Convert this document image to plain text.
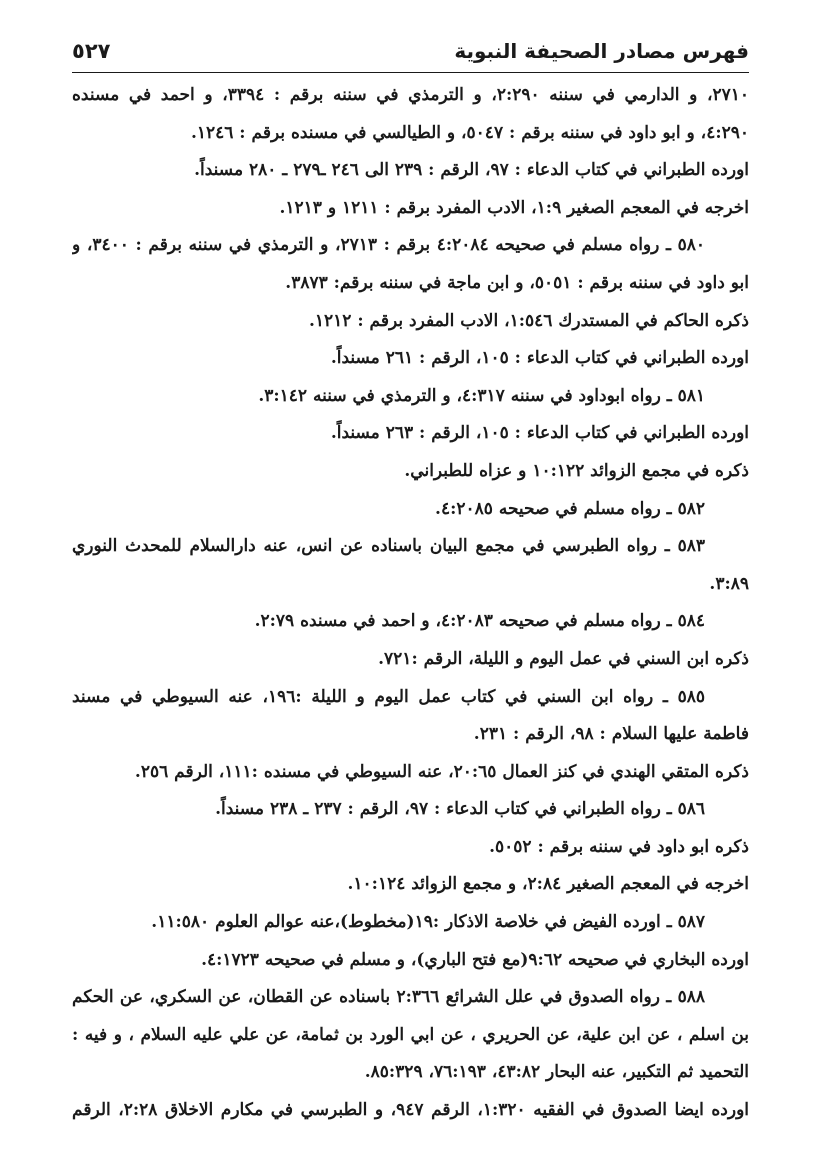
فهرس مصادر الصحيفة النبوية
٥٢٧
٢٧١٠، و الدارمي في سننه ٢:٢٩٠، و الترمذي في سننه برقم : ٣٣٩٤، و احمد في مسنده
٤:٢٩٠، و ابو داود في سننه برقم : ٥٠٤٧، و الطيالسي في مسنده برقم : ١٢٤٦.
اورده الطبراني في كتاب الدعاء : ٩٧، الرقم : ٢٣٩ الى ٢٤٦ ـ٢٧٩ ـ ٢٨٠ مسنداً.
اخرجه في المعجم الصغير ١:٩، الادب المفرد برقم : ١٢١١ و ١٢١٣.
٥٨٠ ـ رواه مسلم في صحيحه ٤:٢٠٨٤ برقم : ٢٧١٣، و الترمذي في سننه برقم : ٣٤٠٠، و
ابو داود في سننه برقم : ٥٠٥١، و ابن ماجة في سننه برقم: ٣٨٧٣.
ذكره الحاكم في المستدرك ١:٥٤٦، الادب المفرد برقم : ١٢١٢.
اورده الطبراني في كتاب الدعاء : ١٠٥، الرقم : ٢٦١ مسنداً.
٥٨١ ـ رواه ابوداود في سننه ٤:٣١٧، و الترمذي في سننه ٣:١٤٢.
اورده الطبراني في كتاب الدعاء : ١٠٥، الرقم : ٢٦٣ مسنداً.
ذكره في مجمع الزوائد ١٠:١٢٢ و عزاه للطبراني.
٥٨٢ ـ رواه مسلم في صحيحه ٤:٢٠٨٥.
٥٨٣ ـ رواه الطبرسي في مجمع البيان باسناده عن انس، عنه دارالسلام للمحدث النوري
٣:٨٩.
٥٨٤ ـ رواه مسلم في صحيحه ٤:٢٠٨٣، و احمد في مسنده ٢:٧٩.
ذكره ابن السني في عمل اليوم و الليلة، الرقم :٧٢١.
٥٨٥ ـ رواه ابن السني في كتاب عمل اليوم و الليلة :١٩٦، عنه السيوطي في مسند
فاطمة عليها السلام : ٩٨، الرقم : ٢٣١.
ذكره المتقي الهندي في كنز العمال ٢٠:٦٥، عنه السيوطي في مسنده :١١١، الرقم ٢٥٦.
٥٨٦ ـ رواه الطبراني في كتاب الدعاء : ٩٧، الرقم : ٢٣٧ ـ ٢٣٨ مسنداً.
ذكره ابو داود في سننه برقم : ٥٠٥٢.
اخرجه في المعجم الصغير ٢:٨٤، و مجمع الزوائد ١٠:١٢٤.
٥٨٧ ـ اورده الفيض في خلاصة الاذكار :١٩(مخطوط)،عنه عوالم العلوم ١١:٥٨٠.
اورده البخاري في صحيحه ٩:٦٢(مع فتح الباري)، و مسلم في صحيحه ٤:١٧٢٣.
٥٨٨ ـ رواه الصدوق في علل الشرائع ٢:٣٦٦ باسناده عن القطان، عن السكري، عن الحكم
بن اسلم ، عن ابن علية، عن الحريري ، عن ابي الورد بن ثمامة، عن علي عليه السلام ، و فيه :
التحميد ثم التكبير، عنه البحار ٤٣:٨٢، ٧٦:١٩٣، ٨٥:٣٢٩.
اورده ايضا الصدوق في الفقيه ١:٣٢٠، الرقم ٩٤٧، و الطبرسي في مكارم الاخلاق ٢:٢٨، الرقم
